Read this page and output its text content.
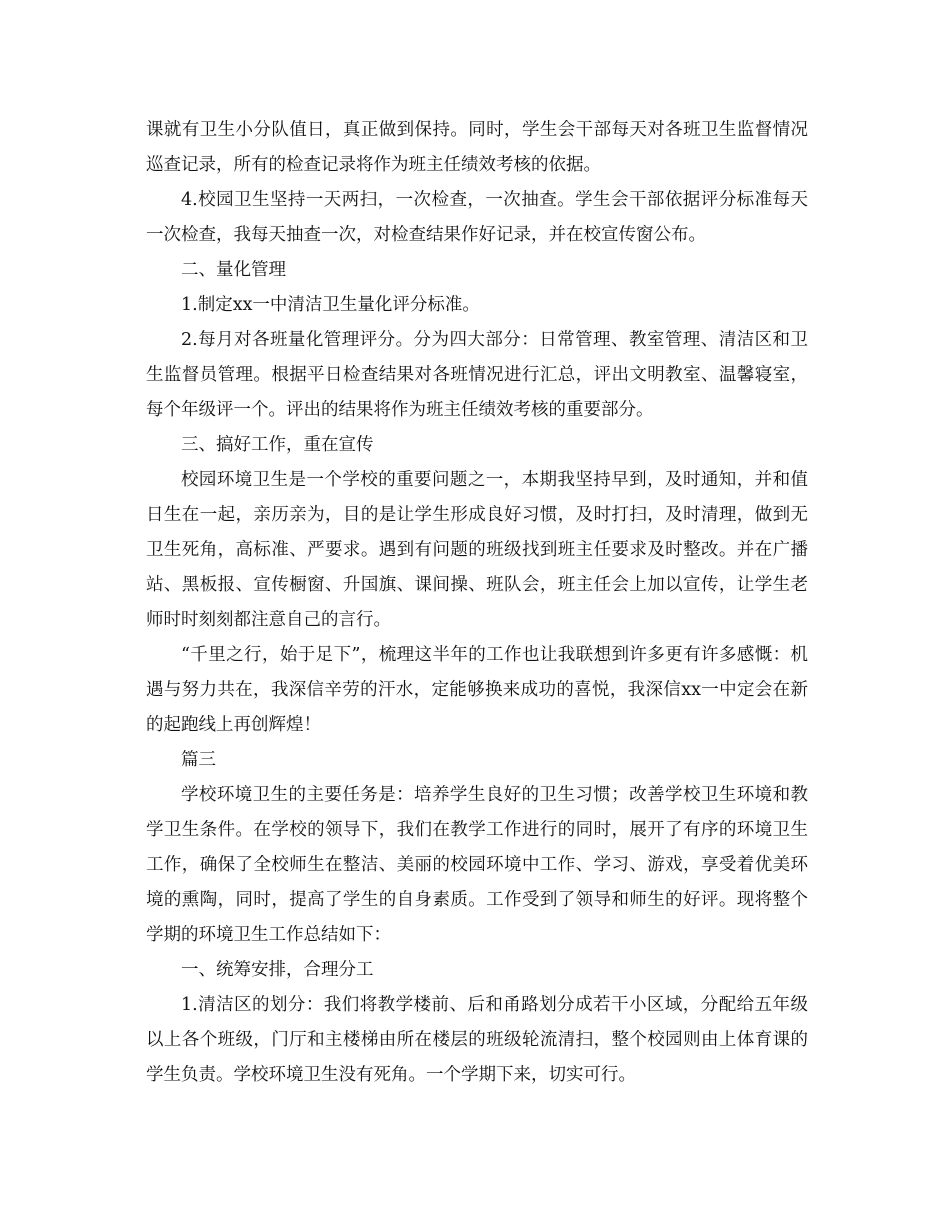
课就有卫生小分队值日，真正做到保持。同时，学生会干部每天对各班卫生监督情况巡查记录，所有的检查记录将作为班主任绩效考核的依据。

4.校园卫生坚持一天两扫，一次检查，一次抽查。学生会干部依据评分标准每天一次检查，我每天抽查一次，对检查结果作好记录，并在校宣传窗公布。

二、量化管理

1.制定xx一中清洁卫生量化评分标准。

2.每月对各班量化管理评分。分为四大部分：日常管理、教室管理、清洁区和卫生监督员管理。根据平日检查结果对各班情况进行汇总，评出文明教室、温馨寝室，每个年级评一个。评出的结果将作为班主任绩效考核的重要部分。

三、搞好工作，重在宣传

校园环境卫生是一个学校的重要问题之一，本期我坚持早到，及时通知，并和值日生在一起，亲历亲为，目的是让学生形成良好习惯，及时打扫，及时清理，做到无卫生死角，高标准、严要求。遇到有问题的班级找到班主任要求及时整改。并在广播站、黑板报、宣传橱窗、升国旗、课间操、班队会，班主任会上加以宣传，让学生老师时时刻刻都注意自己的言行。

“千里之行，始于足下”，梳理这半年的工作也让我联想到许多更有许多感慨：机遇与努力共在，我深信辛劳的汗水，定能够换来成功的喜悦，我深信xx一中定会在新的起跑线上再创辉煌！

篇三

学校环境卫生的主要任务是：培养学生良好的卫生习惯；改善学校卫生环境和教学卫生条件。在学校的领导下，我们在教学工作进行的同时，展开了有序的环境卫生工作，确保了全校师生在整洁、美丽的校园环境中工作、学习、游戏，享受着优美环境的熏陶，同时，提高了学生的自身素质。工作受到了领导和师生的好评。现将整个学期的环境卫生工作总结如下：

一、统筹安排，合理分工

1.清洁区的划分：我们将教学楼前、后和甬路划分成若干小区域，分配给五年级以上各个班级，门厅和主楼梯由所在楼层的班级轮流清扫，整个校园则由上体育课的学生负责。学校环境卫生没有死角。一个学期下来，切实可行。
